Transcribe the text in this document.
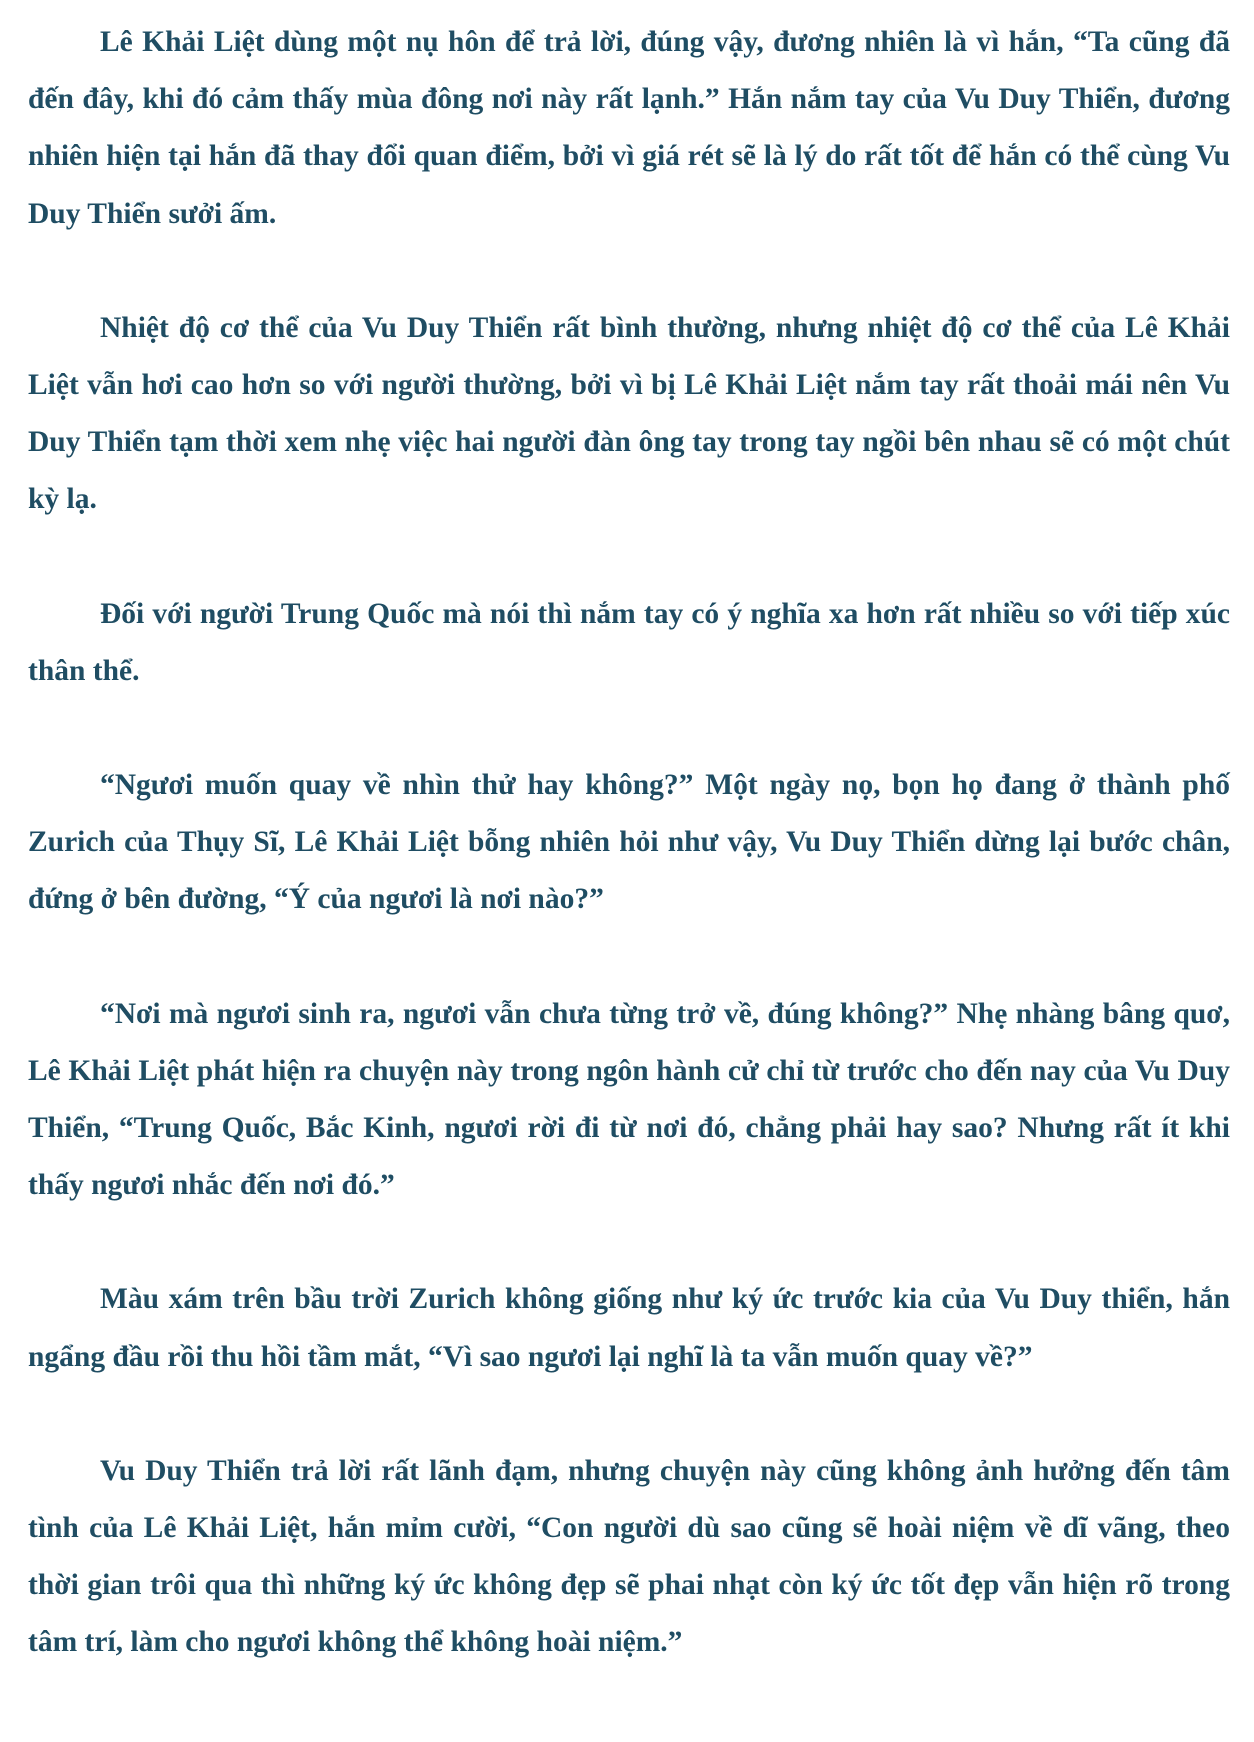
Lê Khải Liệt dùng một nụ hôn để trả lời, đúng vậy, đương nhiên là vì hắn, “Ta cũng đã đến đây, khi đó cảm thấy mùa đông nơi này rất lạnh.” Hắn nắm tay của Vu Duy Thiển, đương nhiên hiện tại hắn đã thay đổi quan điểm, bởi vì giá rét sẽ là lý do rất tốt để hắn có thể cùng Vu Duy Thiển sưởi ấm.

Nhiệt độ cơ thể của Vu Duy Thiển rất bình thường, nhưng nhiệt độ cơ thể của Lê Khải Liệt vẫn hơi cao hơn so với người thường, bởi vì bị Lê Khải Liệt nắm tay rất thoải mái nên Vu Duy Thiển tạm thời xem nhẹ việc hai người đàn ông tay trong tay ngồi bên nhau sẽ có một chút kỳ lạ.

Đối với người Trung Quốc mà nói thì nắm tay có ý nghĩa xa hơn rất nhiều so với tiếp xúc thân thể.

“Ngươi muốn quay về nhìn thử hay không?” Một ngày nọ, bọn họ đang ở thành phố Zurich của Thụy Sĩ, Lê Khải Liệt bỗng nhiên hỏi như vậy, Vu Duy Thiển dừng lại bước chân, đứng ở bên đường, “Ý của ngươi là nơi nào?”

“Nơi mà ngươi sinh ra, ngươi vẫn chưa từng trở về, đúng không?” Nhẹ nhàng bâng quơ, Lê Khải Liệt phát hiện ra chuyện này trong ngôn hành cử chỉ từ trước cho đến nay của Vu Duy Thiển, “Trung Quốc, Bắc Kinh, ngươi rời đi từ nơi đó, chẳng phải hay sao? Nhưng rất ít khi thấy ngươi nhắc đến nơi đó.”

Màu xám trên bầu trời Zurich không giống như ký ức trước kia của Vu Duy thiển, hắn ngẩng đầu rồi thu hồi tầm mắt, “Vì sao ngươi lại nghĩ là ta vẫn muốn quay về?”

Vu Duy Thiển trả lời rất lãnh đạm, nhưng chuyện này cũng không ảnh hưởng đến tâm tình của Lê Khải Liệt, hắn mỉm cười, “Con người dù sao cũng sẽ hoài niệm về dĩ vãng, theo thời gian trôi qua thì những ký ức không đẹp sẽ phai nhạt còn ký ức tốt đẹp vẫn hiện rõ trong tâm trí, làm cho ngươi không thể không hoài niệm.”
